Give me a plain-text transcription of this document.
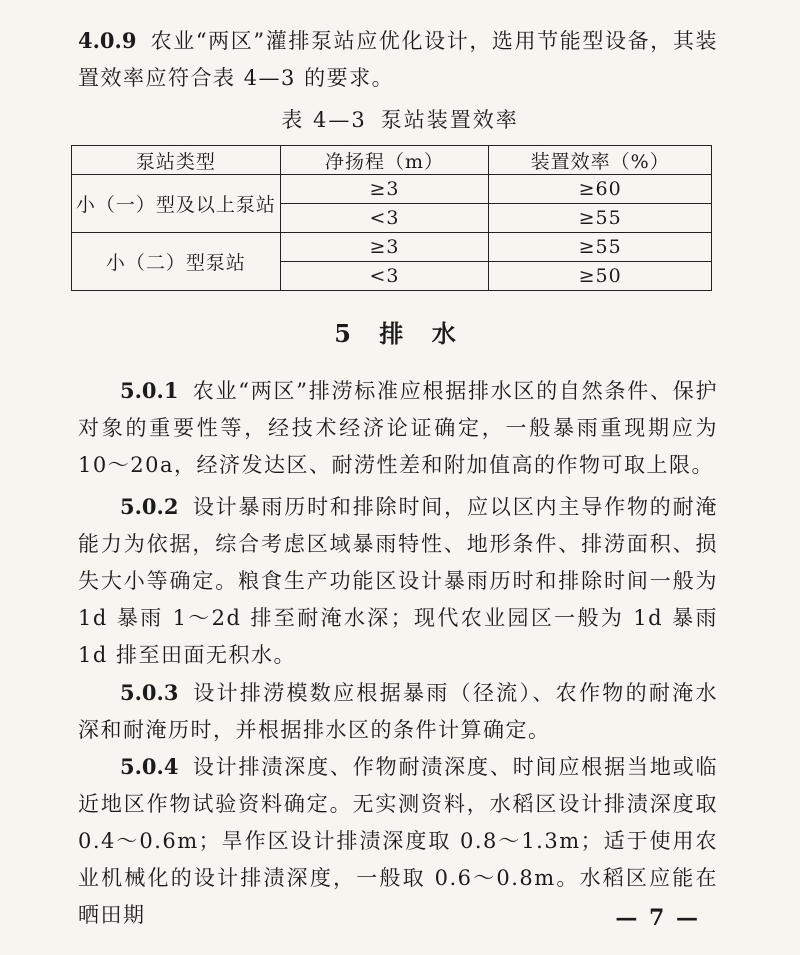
4.0.9 农业“两区”灌排泵站应优化设计，选用节能型设备，其装置效率应符合表 4—3 的要求。

表 4—3 泵站装置效率
泵站类型	净扬程（m）	装置效率（%）
小（一）型及以上泵站	≥3	≥60
	<3	≥55
小（二）型泵站	≥3	≥55
	<3	≥50
5 排 水

5.0.1 农业“两区”排涝标准应根据排水区的自然条件、保护对象的重要性等，经技术经济论证确定，一般暴雨重现期应为 10～20a，经济发达区、耐涝性差和附加值高的作物可取上限。

5.0.2 设计暴雨历时和排除时间，应以区内主导作物的耐淹能力为依据，综合考虑区域暴雨特性、地形条件、排涝面积、损失大小等确定。粮食生产功能区设计暴雨历时和排除时间一般为 1d 暴雨 1～2d 排至耐淹水深；现代农业园区一般为 1d 暴雨 1d 排至田面无积水。

5.0.3 设计排涝模数应根据暴雨（径流）、农作物的耐淹水深和耐淹历时，并根据排水区的条件计算确定。

5.0.4 设计排渍深度、作物耐渍深度、时间应根据当地或临近地区作物试验资料确定。无实测资料，水稻区设计排渍深度取 0.4～0.6m；旱作区设计排渍深度取 0.8～1.3m；适于使用农业机械化的设计排渍深度，一般取 0.6～0.8m。水稻区应能在晒田期	— 7 —
